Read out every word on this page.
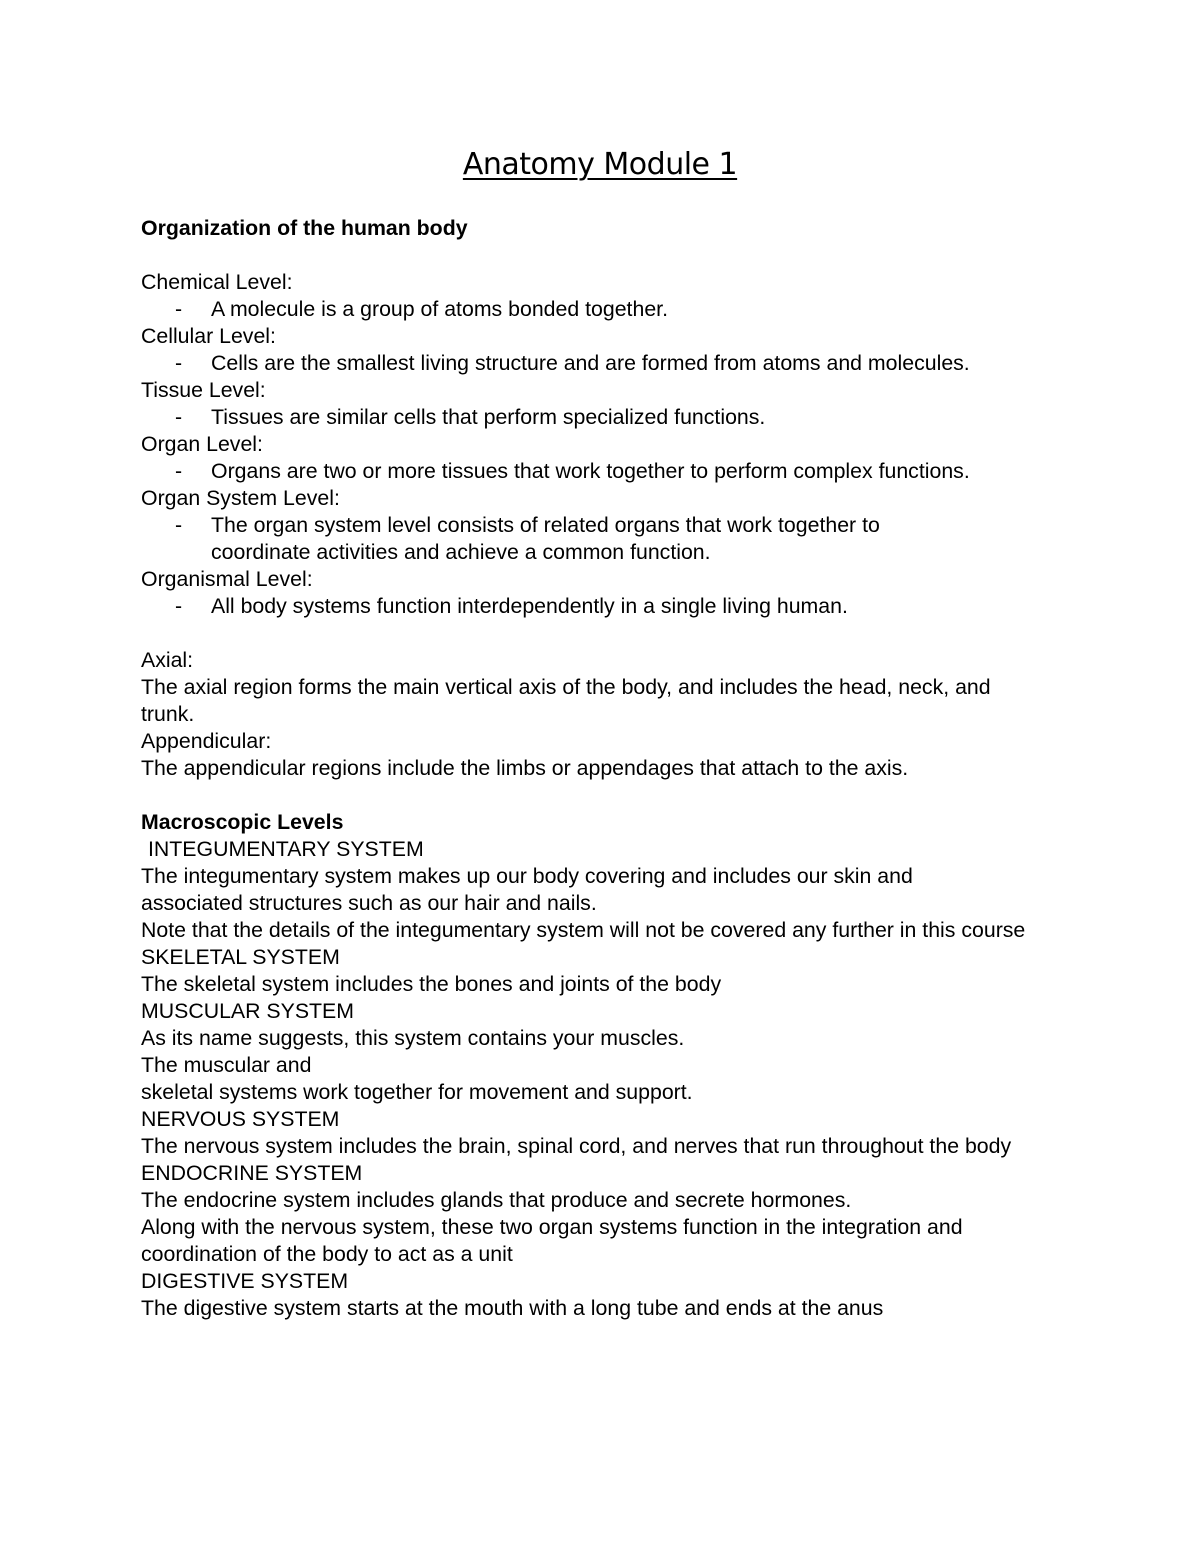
Anatomy Module 1

Organization of the human body

Chemical Level:

-	A molecule is a group of atoms bonded together.

Cellular Level:

-	Cells are the smallest living structure and are formed from atoms and molecules.

Tissue Level:

-	Tissues are similar cells that perform specialized functions.

Organ Level:

-	Organs are two or more tissues that work together to perform complex functions.

Organ System Level:

-	The organ system level consists of related organs that work together to coordinate activities and achieve a common function.

Organismal Level:

-	All body systems function interdependently in a single living human.

Axial:

The axial region forms the main vertical axis of the body, and includes the head, neck, and trunk.

Appendicular:

The appendicular regions include the limbs or appendages that attach to the axis.

Macroscopic Levels

INTEGUMENTARY SYSTEM

The integumentary system makes up our body covering and includes our skin and associated structures such as our hair and nails.

Note that the details of the integumentary system will not be covered any further in this course

SKELETAL SYSTEM

The skeletal system includes the bones and joints of the body

MUSCULAR SYSTEM

As its name suggests, this system contains your muscles.

The muscular and

skeletal systems work together for movement and support.

NERVOUS SYSTEM

The nervous system includes the brain, spinal cord, and nerves that run throughout the body

ENDOCRINE SYSTEM

The endocrine system includes glands that produce and secrete hormones.

Along with the nervous system, these two organ systems function in the integration and coordination of the body to act as a unit

DIGESTIVE SYSTEM

The digestive system starts at the mouth with a long tube and ends at the anus
